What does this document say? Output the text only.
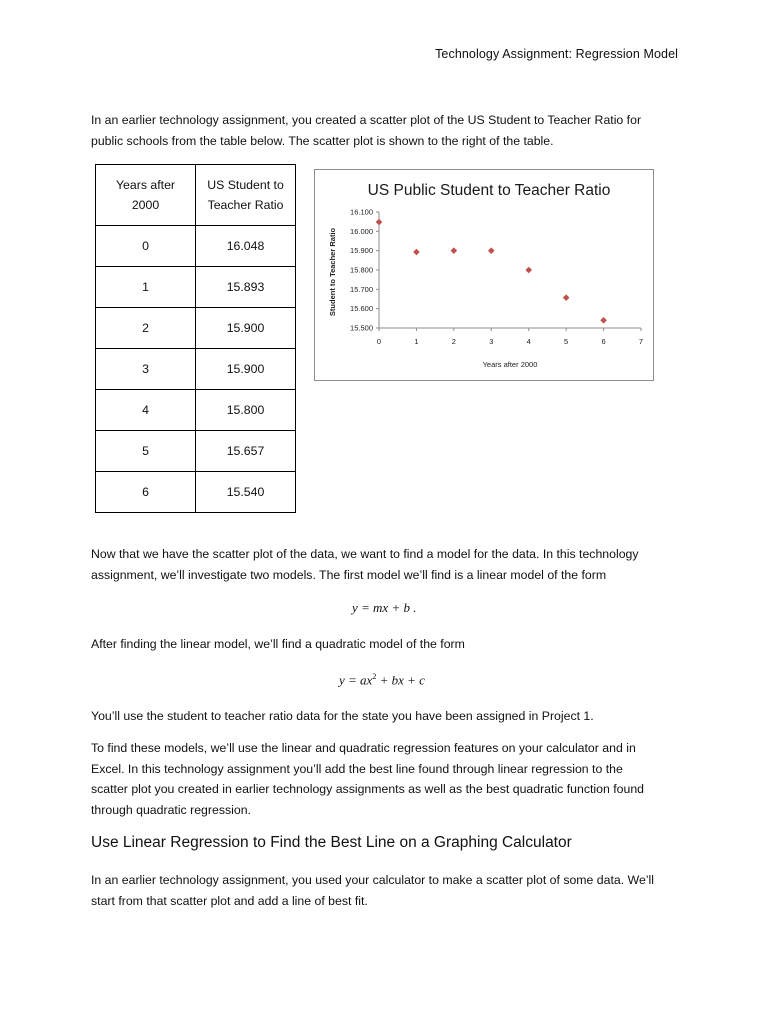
Technology Assignment: Regression Model

In an earlier technology assignment, you created a scatter plot of the US Student to Teacher Ratio for
public schools from the table below. The scatter plot is shown to the right of the table.

Years after 2000	US Student to Teacher Ratio

0	16.048
1	15.893
2	15.900
3	15.900
4	15.800
5	15.657
6	15.540
US Public Student to Teacher Ratio
16.100
16.000
15.900
15.800
15.700
15.600
15.500
0	1	2	3	4	5	6	7
Years after 2000
Student to Teacher Ratio

Now that we have the scatter plot of the data, we want to find a model for the data. In this technology
assignment, we’ll investigate two models. The first model we’ll find is a linear model of the form

y = mx + b .

After finding the linear model, we’ll find a quadratic model of the form

$y = ax^2$ + bx + c

You’ll use the student to teacher ratio data for the state you have been assigned in Project 1.

To find these models, we’ll use the linear and quadratic regression features on your calculator and in
Excel. In this technology assignment you’ll add the best line found through linear regression to the
scatter plot you created in earlier technology assignments as well as the best quadratic function found
through quadratic regression.

Use Linear Regression to Find the Best Line on a Graphing Calculator

In an earlier technology assignment, you used your calculator to make a scatter plot of some data. We’ll
start from that scatter plot and add a line of best fit.
